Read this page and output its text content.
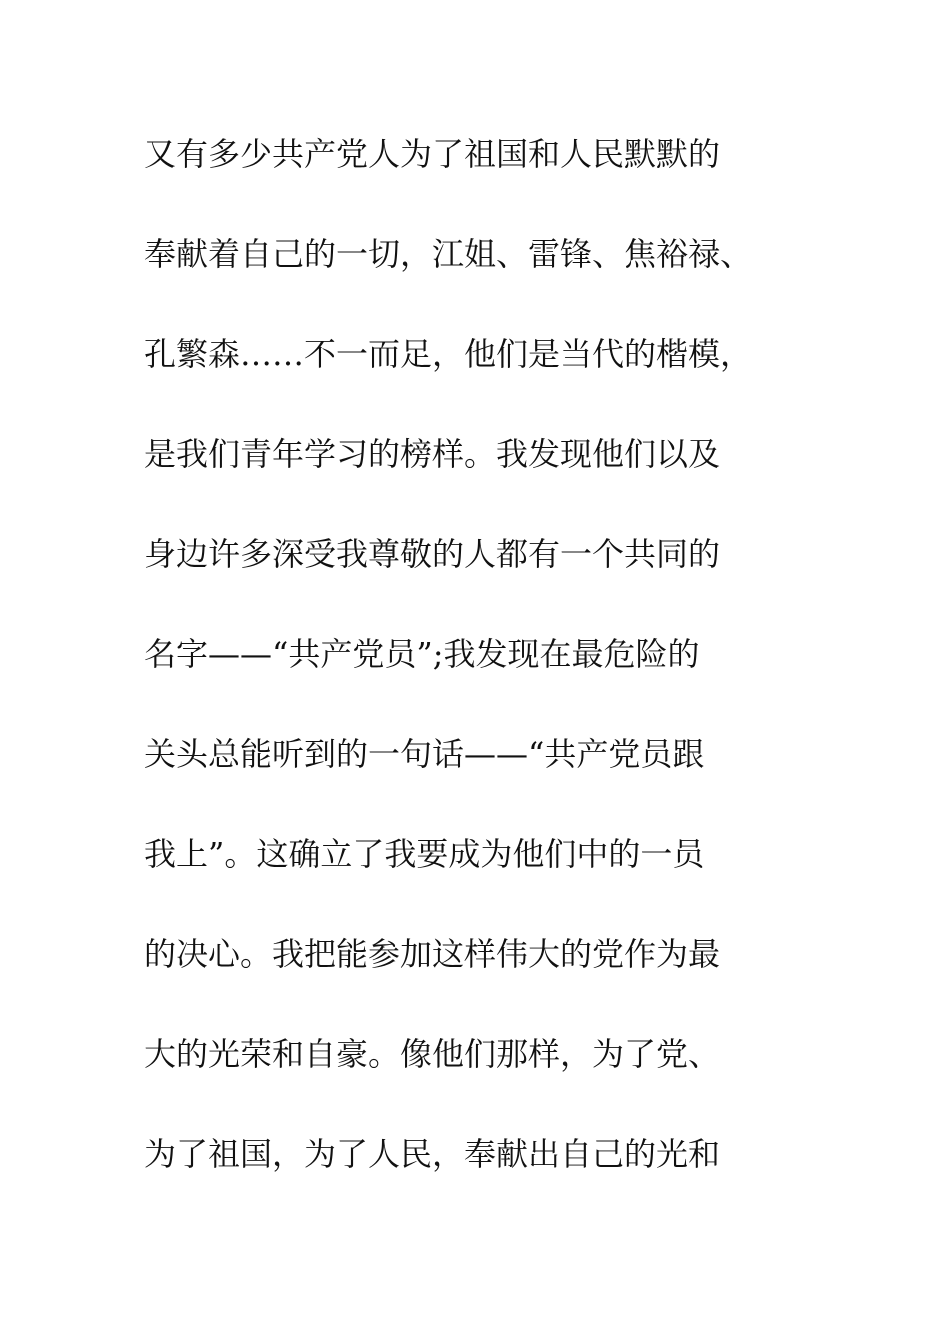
又有多少共产党人为了祖国和人民默默的
奉献着自己的一切，江姐、雷锋、焦裕禄、
孔繁森……不一而足，他们是当代的楷模，
是我们青年学习的榜样。我发现他们以及
身边许多深受我尊敬的人都有一个共同的
名字——“共产党员”;我发现在最危险的
关头总能听到的一句话——“共产党员跟
我上”。这确立了我要成为他们中的一员
的决心。我把能参加这样伟大的党作为最
大的光荣和自豪。像他们那样，为了党、
为了祖国，为了人民，奉献出自己的光和
